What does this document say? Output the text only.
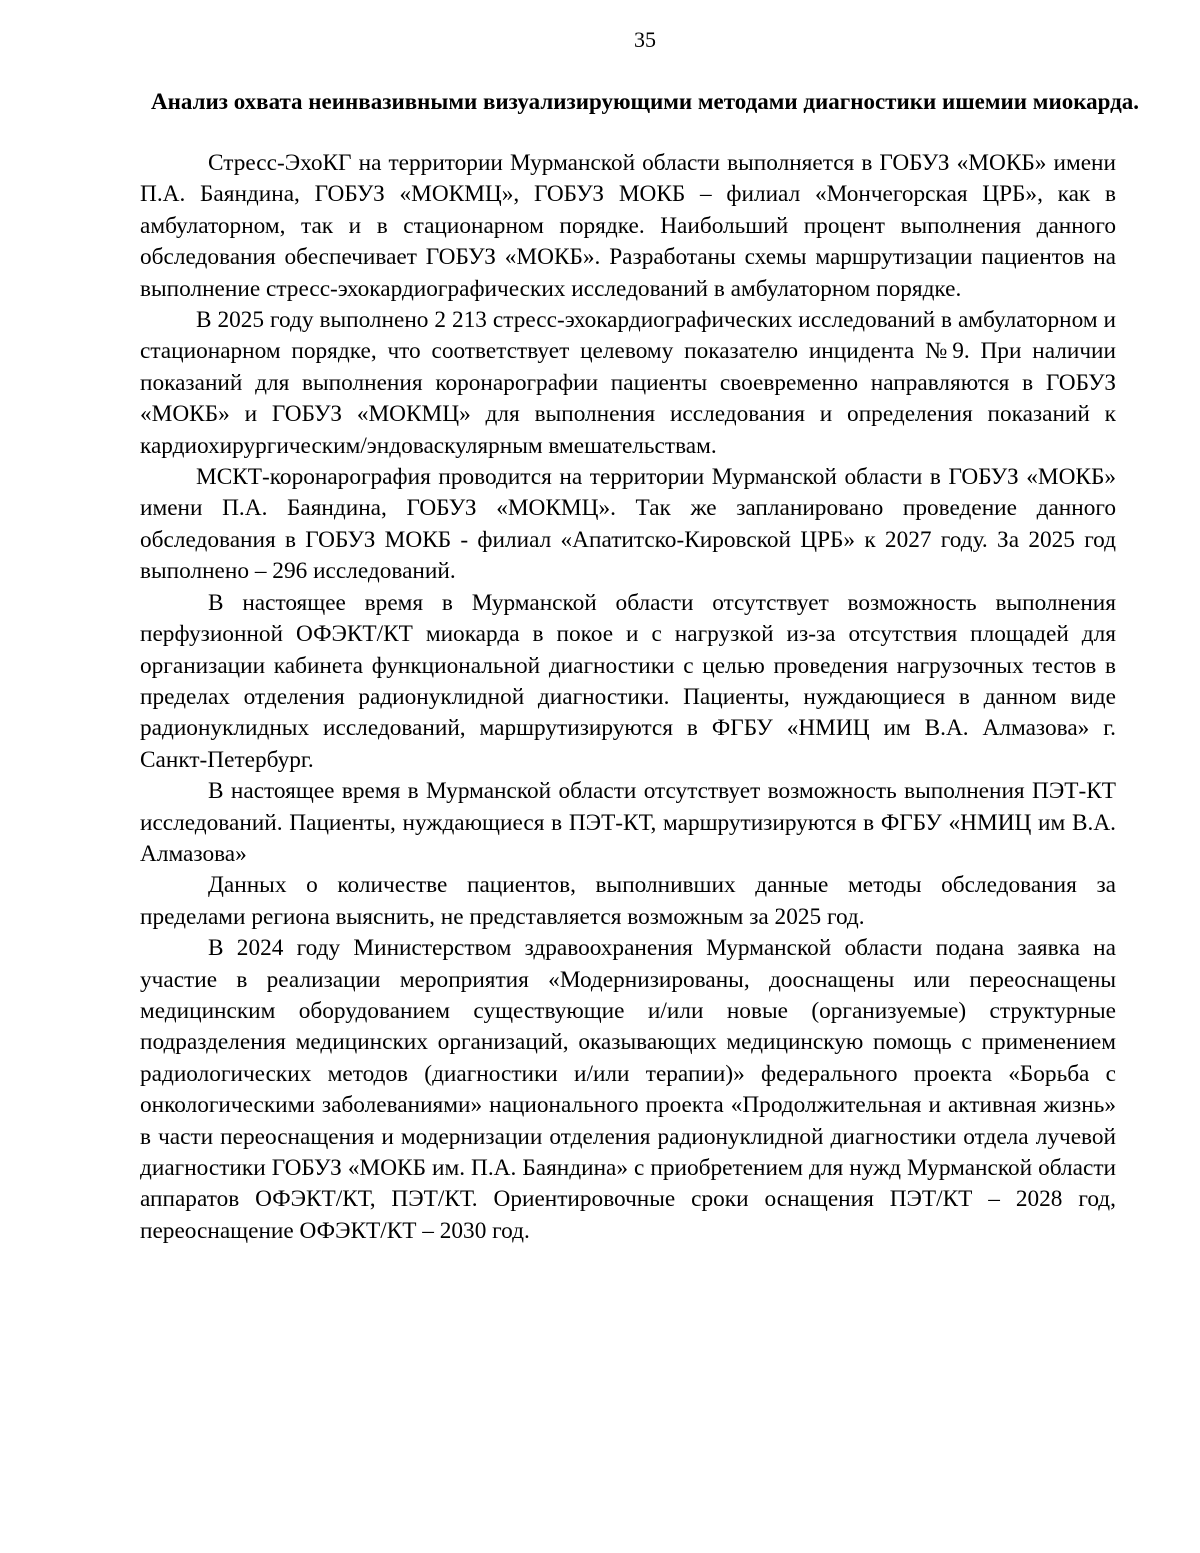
35
Анализ охвата неинвазивными визуализирующими методами диагностики ишемии миокарда.

Стресс-ЭхоКГ на территории Мурманской области выполняется в ГОБУЗ «МОКБ» имени П.А. Баяндина, ГОБУЗ «МОКМЦ», ГОБУЗ МОКБ – филиал «Мончегорская ЦРБ», как в амбулаторном, так и в стационарном порядке. Наибольший процент выполнения данного обследования обеспечивает ГОБУЗ «МОКБ». Разработаны схемы маршрутизации пациентов на выполнение стресс-эхокардиографических исследований в амбулаторном порядке.

В 2025 году выполнено 2 213 стресс-эхокардиографических исследований в амбулаторном и стационарном порядке, что соответствует целевому показателю инцидента №9. При наличии показаний для выполнения коронарографии пациенты своевременно направляются в ГОБУЗ «МОКБ» и ГОБУЗ «МОКМЦ» для выполнения исследования и определения показаний к кардиохирургическим/эндоваскулярным вмешательствам.

МСКТ-коронарография проводится на территории Мурманской области в ГОБУЗ «МОКБ» имени П.А. Баяндина, ГОБУЗ «МОКМЦ». Так же запланировано проведение данного обследования в ГОБУЗ МОКБ - филиал «Апатитско-Кировской ЦРБ» к 2027 году. За 2025 год выполнено – 296 исследований.

В настоящее время в Мурманской области отсутствует возможность выполнения перфузионной ОФЭКТ/КТ миокарда в покое и с нагрузкой из-за отсутствия площадей для организации кабинета функциональной диагностики с целью проведения нагрузочных тестов в пределах отделения радионуклидной диагностики. Пациенты, нуждающиеся в данном виде радионуклидных исследований, маршрутизируются в ФГБУ «НМИЦ им В.А. Алмазова» г. Санкт-Петербург.

В настоящее время в Мурманской области отсутствует возможность выполнения ПЭТ-КТ исследований. Пациенты, нуждающиеся в ПЭТ-КТ, маршрутизируются в ФГБУ «НМИЦ им В.А. Алмазова»

Данных о количестве пациентов, выполнивших данные методы обследования за пределами региона выяснить, не представляется возможным за 2025 год.

В 2024 году Министерством здравоохранения Мурманской области подана заявка на участие в реализации мероприятия «Модернизированы, дооснащены или переоснащены медицинским оборудованием существующие и/или новые (организуемые) структурные подразделения медицинских организаций, оказывающих медицинскую помощь с применением радиологических методов (диагностики и/или терапии)» федерального проекта «Борьба с онкологическими заболеваниями» национального проекта «Продолжительная и активная жизнь» в части переоснащения и модернизации отделения радионуклидной диагностики отдела лучевой диагностики ГОБУЗ «МОКБ им. П.А. Баяндина» с приобретением для нужд Мурманской области аппаратов ОФЭКТ/КТ, ПЭТ/КТ. Ориентировочные сроки оснащения ПЭТ/КТ – 2028 год, переоснащение ОФЭКТ/КТ – 2030 год.
